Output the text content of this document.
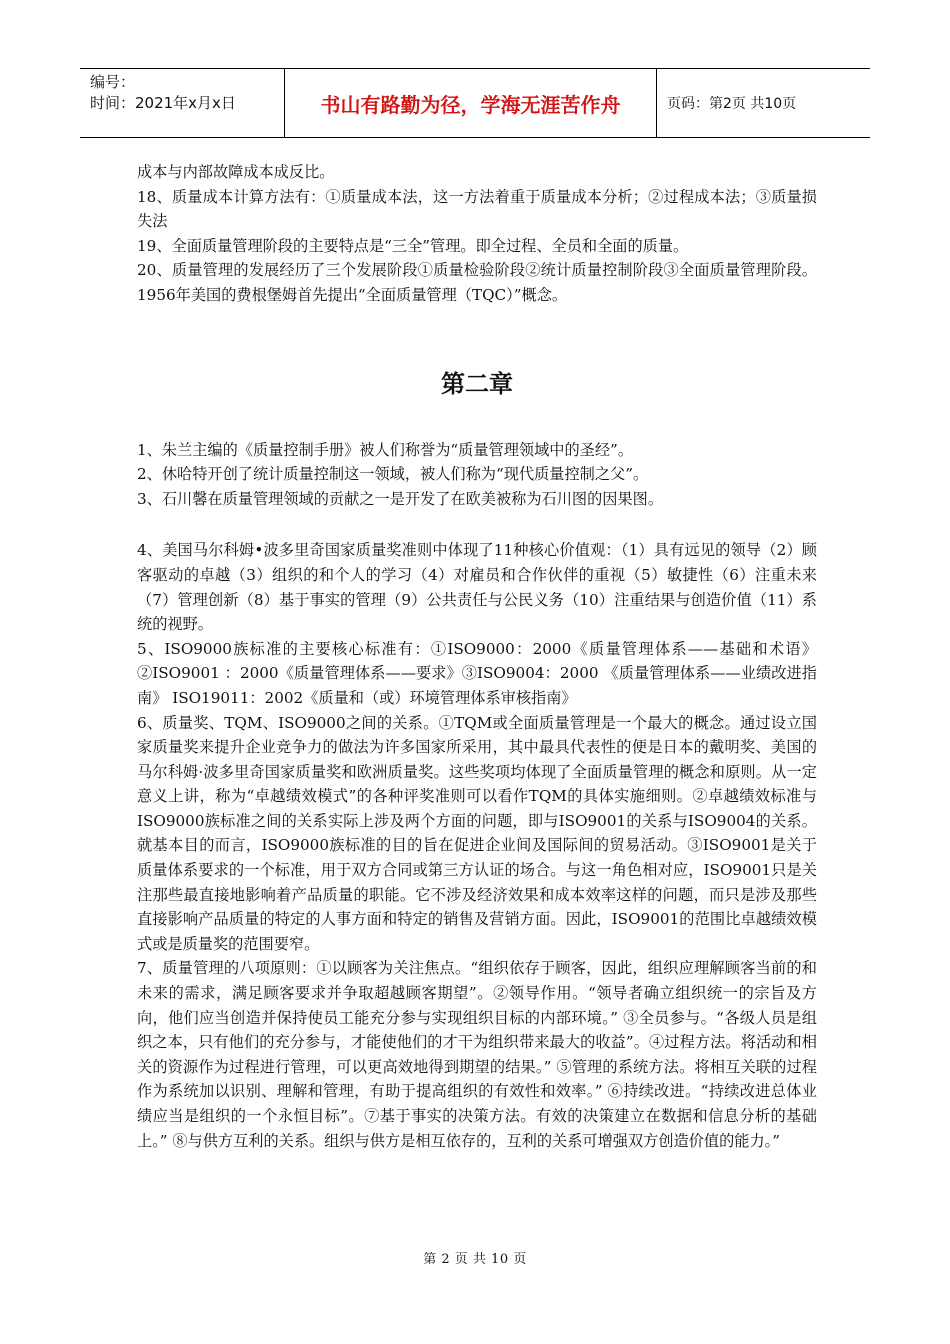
编号：
时间：2021年x月x日	书山有路勤为径，学海无涯苦作舟	页码：第2页 共10页

成本与内部故障成本成反比。

18、质量成本计算方法有：①质量成本法，这一方法着重于质量成本分析；②过程成本法；③质量损失法

19、全面质量管理阶段的主要特点是“三全”管理。即全过程、全员和全面的质量。

20、质量管理的发展经历了三个发展阶段①质量检验阶段②统计质量控制阶段③全面质量管理阶段。1956年美国的费根堡姆首先提出“全面质量管理（TQC）”概念。

第二章

1、朱兰主编的《质量控制手册》被人们称誉为“质量管理领域中的圣经”。

2、休哈特开创了统计质量控制这一领域，被人们称为“现代质量控制之父”。

3、石川馨在质量管理领域的贡献之一是开发了在欧美被称为石川图的因果图。

4、美国马尔科姆•波多里奇国家质量奖准则中体现了11种核心价值观：（1）具有远见的领导（2）顾客驱动的卓越（3）组织的和个人的学习（4）对雇员和合作伙伴的重视（5）敏捷性（6）注重未来（7）管理创新（8）基于事实的管理（9）公共责任与公民义务（10）注重结果与创造价值（11）系统的视野。

5、ISO9000族标准的主要核心标准有：①ISO9000：2000《质量管理体系——基础和术语》②ISO9001 ：2000《质量管理体系——要求》③ISO9004：2000 《质量管理体系——业绩改进指南》 ISO19011：2002《质量和（或）环境管理体系审核指南》

6、质量奖、TQM、ISO9000之间的关系。①TQM或全面质量管理是一个最大的概念。通过设立国家质量奖来提升企业竞争力的做法为许多国家所采用，其中最具代表性的便是日本的戴明奖、美国的马尔科姆·波多里奇国家质量奖和欧洲质量奖。这些奖项均体现了全面质量管理的概念和原则。从一定意义上讲，称为“卓越绩效模式”的各种评奖准则可以看作TQM的具体实施细则。②卓越绩效标准与ISO9000族标准之间的关系实际上涉及两个方面的问题，即与ISO9001的关系与ISO9004的关系。就基本目的而言，ISO9000族标准的目的旨在促进企业间及国际间的贸易活动。③ISO9001是关于质量体系要求的一个标准，用于双方合同或第三方认证的场合。与这一角色相对应，ISO9001只是关注那些最直接地影响着产品质量的职能。它不涉及经济效果和成本效率这样的问题，而只是涉及那些直接影响产品质量的特定的人事方面和特定的销售及营销方面。因此，ISO9001的范围比卓越绩效模式或是质量奖的范围要窄。

7、质量管理的八项原则：①以顾客为关注焦点。“组织依存于顾客，因此，组织应理解顾客当前的和未来的需求，满足顾客要求并争取超越顾客期望”。②领导作用。“领导者确立组织统一的宗旨及方向，他们应当创造并保持使员工能充分参与实现组织目标的内部环境。” ③全员参与。“各级人员是组织之本，只有他们的充分参与，才能使他们的才干为组织带来最大的收益”。④过程方法。将活动和相关的资源作为过程进行管理，可以更高效地得到期望的结果。” ⑤管理的系统方法。将相互关联的过程作为系统加以识别、理解和管理，有助于提高组织的有效性和效率。” ⑥持续改进。“持续改进总体业绩应当是组织的一个永恒目标”。⑦基于事实的决策方法。有效的决策建立在数据和信息分析的基础上。” ⑧与供方互利的关系。组织与供方是相互依存的，互利的关系可增强双方创造价值的能力。”

第 2 页 共 10 页
